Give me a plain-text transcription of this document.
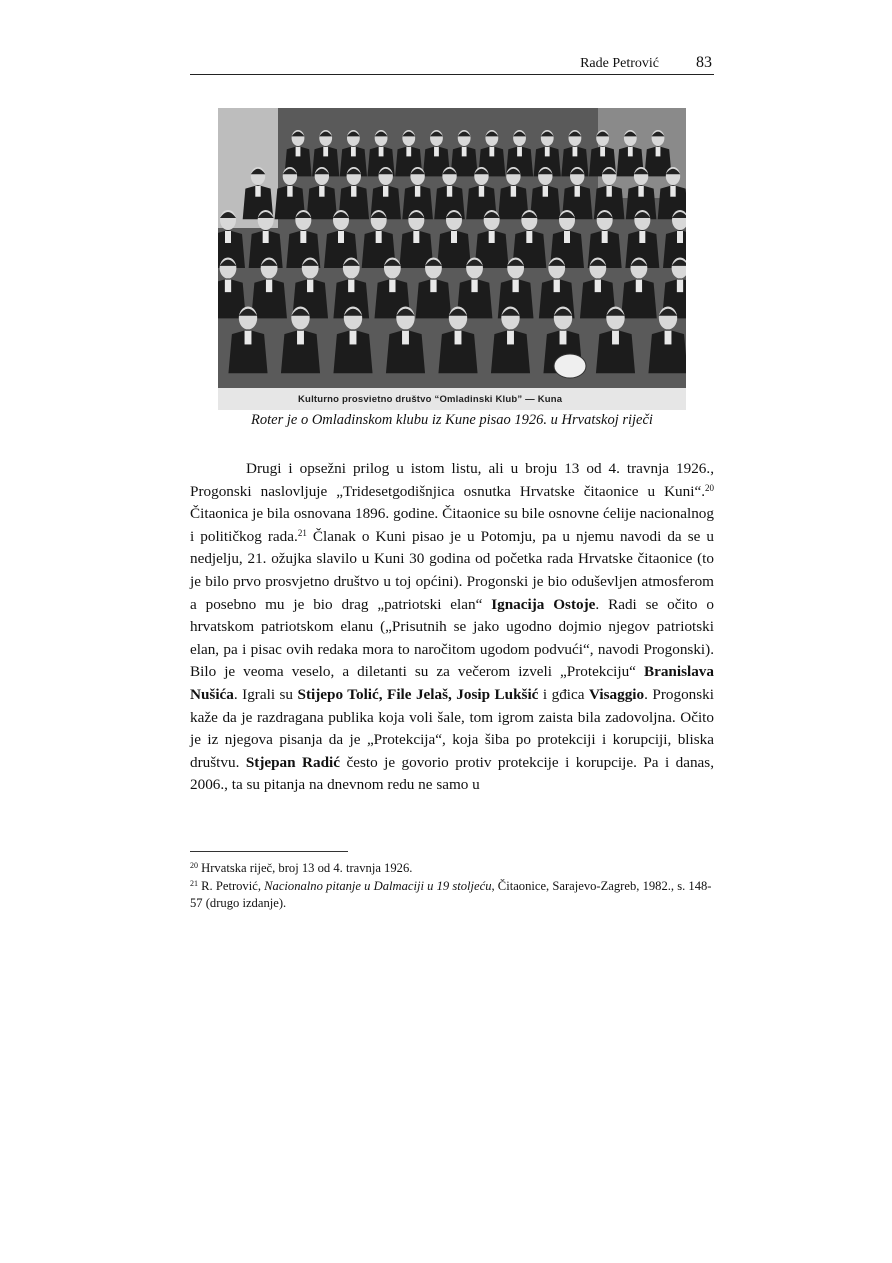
Rade Petrović 83
Kulturno prosvietno društvo “Omladinski Klub” — Kuna
Roter je o Omladinskom klubu iz Kune pisao 1926. u Hrvatskoj riječi

Drugi i opsežni prilog u istom listu, ali u broju 13 od 4. travnja 1926., Progonski naslovljuje „Tridesetgodišnjica osnutka Hrvatske čitaonice u Kuni“.$^{20}$ Čitaonica je bila osnovana 1896. godine. Čitaonice su bile osnovne ćelije nacionalnog i političkog rada.$^{21}$ Članak o Kuni pisao je u Potomju, pa u njemu navodi da se u nedjelju, 21. ožujka slavilo u Kuni 30 godina od početka rada Hrvatske čitaonice (to je bilo prvo prosvjetno društvo u toj općini). Progonski je bio oduševljen atmosferom a posebno mu je bio drag „patriotski elan“ Ignacija Ostoje. Radi se očito o hrvatskom patriotskom elanu („Prisutnih se jako ugodno dojmio njegov patriotski elan, pa i pisac ovih redaka mora to naročitom ugodom podvući“, navodi Progonski). Bilo je veoma veselo, a diletanti su za večerom izveli „Protekciju“ Branislava Nušića. Igrali su Stijepo Tolić, File Jelaš, Josip Lukšić i gđica Visaggio. Progonski kaže da je razdragana publika koja voli šale, tom igrom zaista bila zadovoljna. Očito je iz njegova pisanja da je „Protekcija“, koja šiba po protekciji i korupciji, bliska društvu. Stjepan Radić često je govorio protiv protekcije i korupcije. Pa i danas, 2006., ta su pitanja na dnevnom redu ne samo u

$^{20}$ Hrvatska riječ, broj 13 od 4. travnja 1926.

$^{21}$ R. Petrović, Nacionalno pitanje u Dalmaciji u 19 stoljeću, Čitaonice, Sarajevo-Zagreb, 1982., s. 148-57 (drugo izdanje).
